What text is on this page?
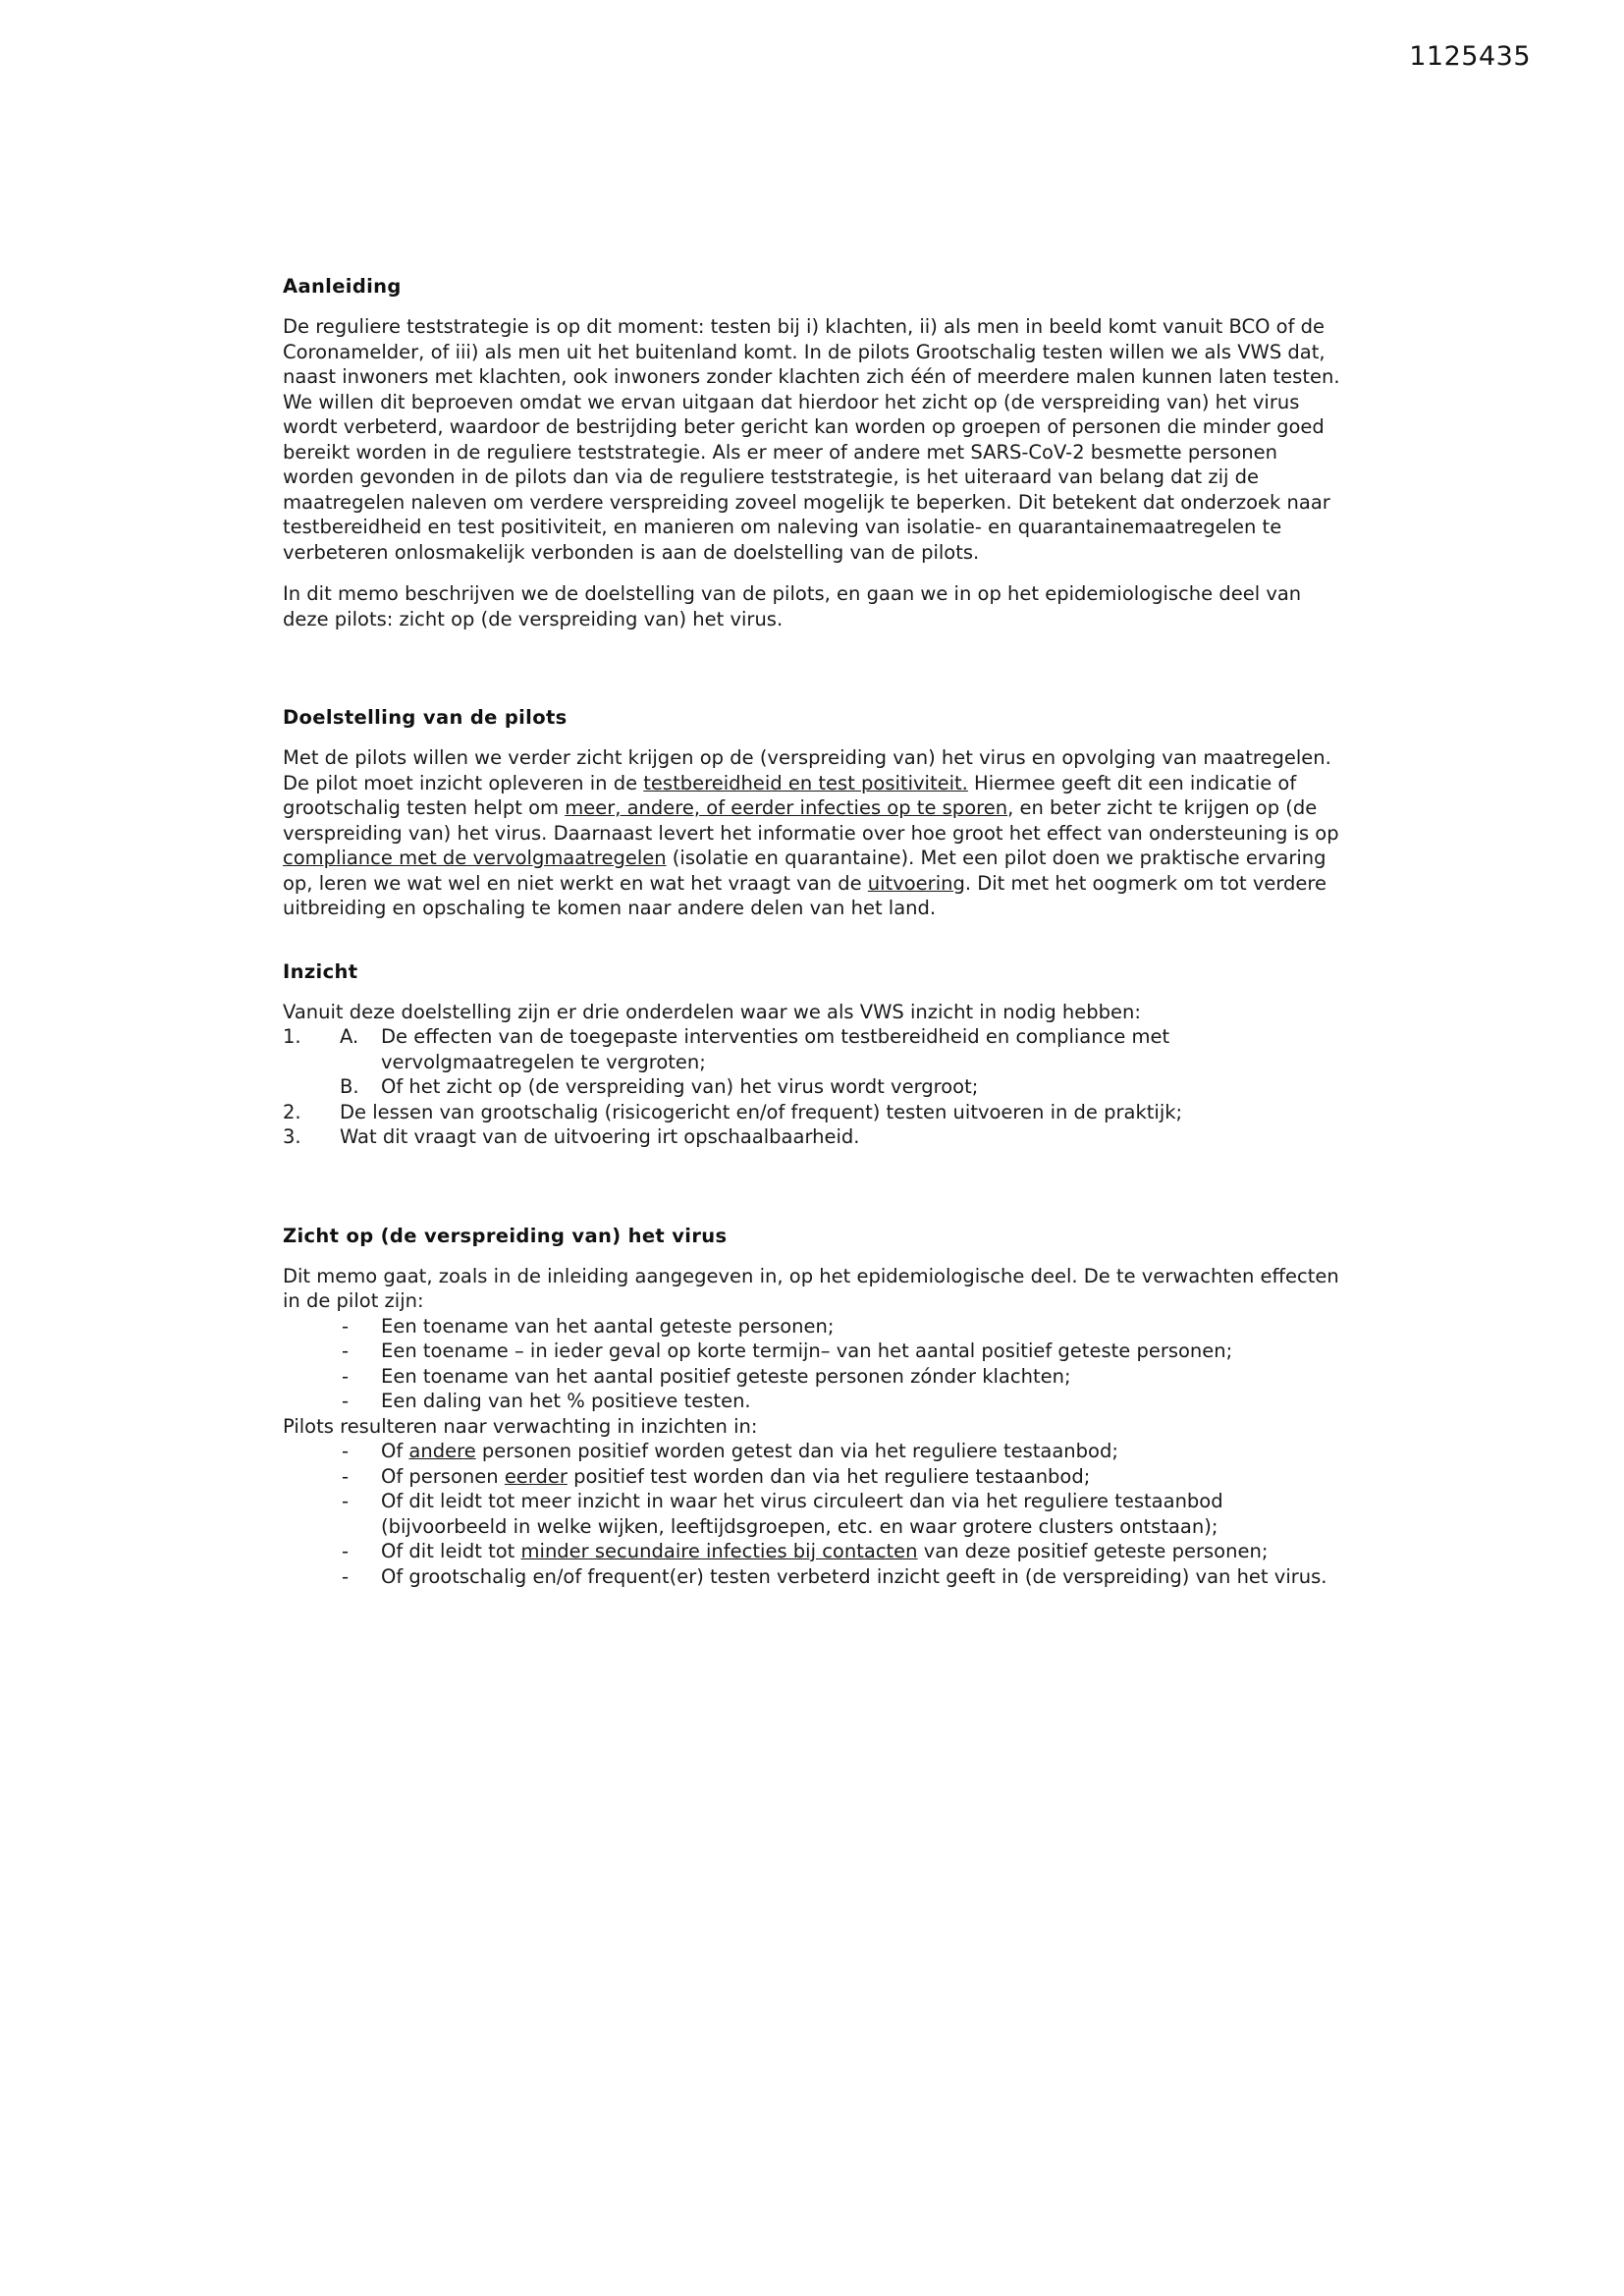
1125435
Aanleiding

De reguliere teststrategie is op dit moment: testen bij i) klachten, ii) als men in beeld komt vanuit BCO of de Coronamelder, of iii) als men uit het buitenland komt. In de pilots Grootschalig testen willen we als VWS dat, naast inwoners met klachten, ook inwoners zonder klachten zich één of meerdere malen kunnen laten testen. We willen dit beproeven omdat we ervan uitgaan dat hierdoor het zicht op (de verspreiding van) het virus wordt verbeterd, waardoor de bestrijding beter gericht kan worden op groepen of personen die minder goed bereikt worden in de reguliere teststrategie. Als er meer of andere met SARS-CoV-2 besmette personen worden gevonden in de pilots dan via de reguliere teststrategie, is het uiteraard van belang dat zij de maatregelen naleven om verdere verspreiding zoveel mogelijk te beperken. Dit betekent dat onderzoek naar testbereidheid en test positiviteit, en manieren om naleving van isolatie- en quarantainemaatregelen te verbeteren onlosmakelijk verbonden is aan de doelstelling van de pilots.

In dit memo beschrijven we de doelstelling van de pilots, en gaan we in op het epidemiologische deel van deze pilots: zicht op (de verspreiding van) het virus.

Doelstelling van de pilots

Met de pilots willen we verder zicht krijgen op de (verspreiding van) het virus en opvolging van maatregelen. De pilot moet inzicht opleveren in de testbereidheid en test positiviteit. Hiermee geeft dit een indicatie of grootschalig testen helpt om meer, andere, of eerder infecties op te sporen, en beter zicht te krijgen op (de verspreiding van) het virus. Daarnaast levert het informatie over hoe groot het effect van ondersteuning is op compliance met de vervolgmaatregelen (isolatie en quarantaine). Met een pilot doen we praktische ervaring op, leren we wat wel en niet werkt en wat het vraagt van de uitvoering. Dit met het oogmerk om tot verdere uitbreiding en opschaling te komen naar andere delen van het land.

Inzicht

Vanuit deze doelstelling zijn er drie onderdelen waar we als VWS inzicht in nodig hebben:

1.	A. De effecten van de toegepaste interventies om testbereidheid en compliance met vervolgmaatregelen te vergroten;
B. Of het zicht op (de verspreiding van) het virus wordt vergroot;
2.	De lessen van grootschalig (risicogericht en/of frequent) testen uitvoeren in de praktijk;
3.	Wat dit vraagt van de uitvoering irt opschaalbaarheid.
Zicht op (de verspreiding van) het virus

Dit memo gaat, zoals in de inleiding aangegeven in, op het epidemiologische deel. De te verwachten effecten in de pilot zijn:

- Een toename van het aantal geteste personen;
- Een toename – in ieder geval op korte termijn– van het aantal positief geteste personen;
- Een toename van het aantal positief geteste personen zónder klachten;
- Een daling van het % positieve testen.

Pilots resulteren naar verwachting in inzichten in:

- Of andere personen positief worden getest dan via het reguliere testaanbod;
- Of personen eerder positief test worden dan via het reguliere testaanbod;
- Of dit leidt tot meer inzicht in waar het virus circuleert dan via het reguliere testaanbod (bijvoorbeeld in welke wijken, leeftijdsgroepen, etc. en waar grotere clusters ontstaan);
- Of dit leidt tot minder secundaire infecties bij contacten van deze positief geteste personen;
- Of grootschalig en/of frequent(er) testen verbeterd inzicht geeft in (de verspreiding) van het virus.
